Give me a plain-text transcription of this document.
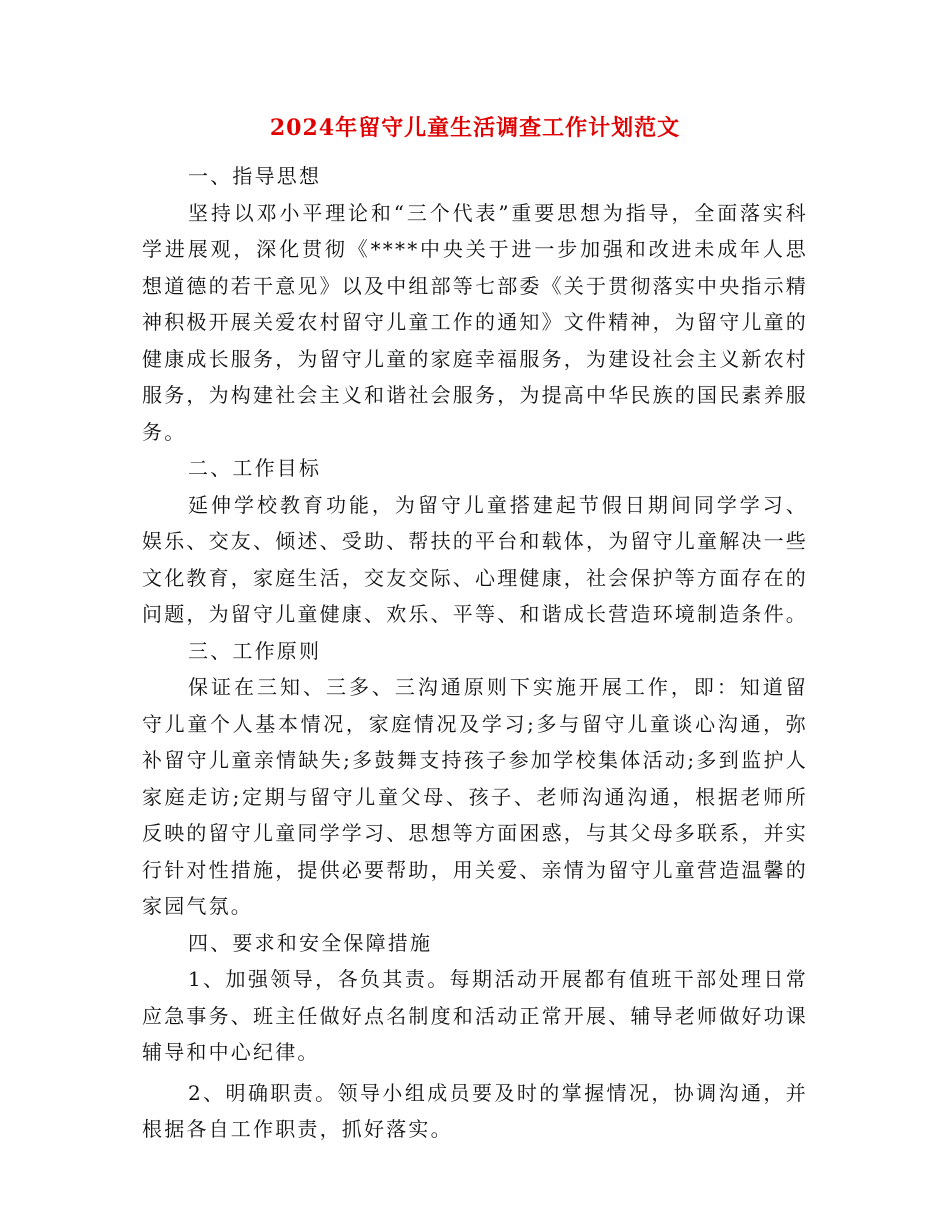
2024年留守儿童生活调查工作计划范文

一、指导思想

坚持以邓小平理论和“三个代表”重要思想为指导，全面落实科学进展观，深化贯彻《****中央关于进一步加强和改进未成年人思想道德的若干意见》以及中组部等七部委《关于贯彻落实中央指示精神积极开展关爱农村留守儿童工作的通知》文件精神，为留守儿童的健康成长服务，为留守儿童的家庭幸福服务，为建设社会主义新农村服务，为构建社会主义和谐社会服务，为提高中华民族的国民素养服务。

二、工作目标

延伸学校教育功能，为留守儿童搭建起节假日期间同学学习、娱乐、交友、倾述、受助、帮扶的平台和载体，为留守儿童解决一些文化教育，家庭生活，交友交际、心理健康，社会保护等方面存在的问题，为留守儿童健康、欢乐、平等、和谐成长营造环境制造条件。

三、工作原则

保证在三知、三多、三沟通原则下实施开展工作，即：知道留守儿童个人基本情况，家庭情况及学习;多与留守儿童谈心沟通，弥补留守儿童亲情缺失;多鼓舞支持孩子参加学校集体活动;多到监护人家庭走访;定期与留守儿童父母、孩子、老师沟通沟通，根据老师所反映的留守儿童同学学习、思想等方面困惑，与其父母多联系，并实行针对性措施，提供必要帮助，用关爱、亲情为留守儿童营造温馨的家园气氛。

四、要求和安全保障措施

1、加强领导，各负其责。每期活动开展都有值班干部处理日常应急事务、班主任做好点名制度和活动正常开展、辅导老师做好功课辅导和中心纪律。

2、明确职责。领导小组成员要及时的掌握情况，协调沟通，并根据各自工作职责，抓好落实。
